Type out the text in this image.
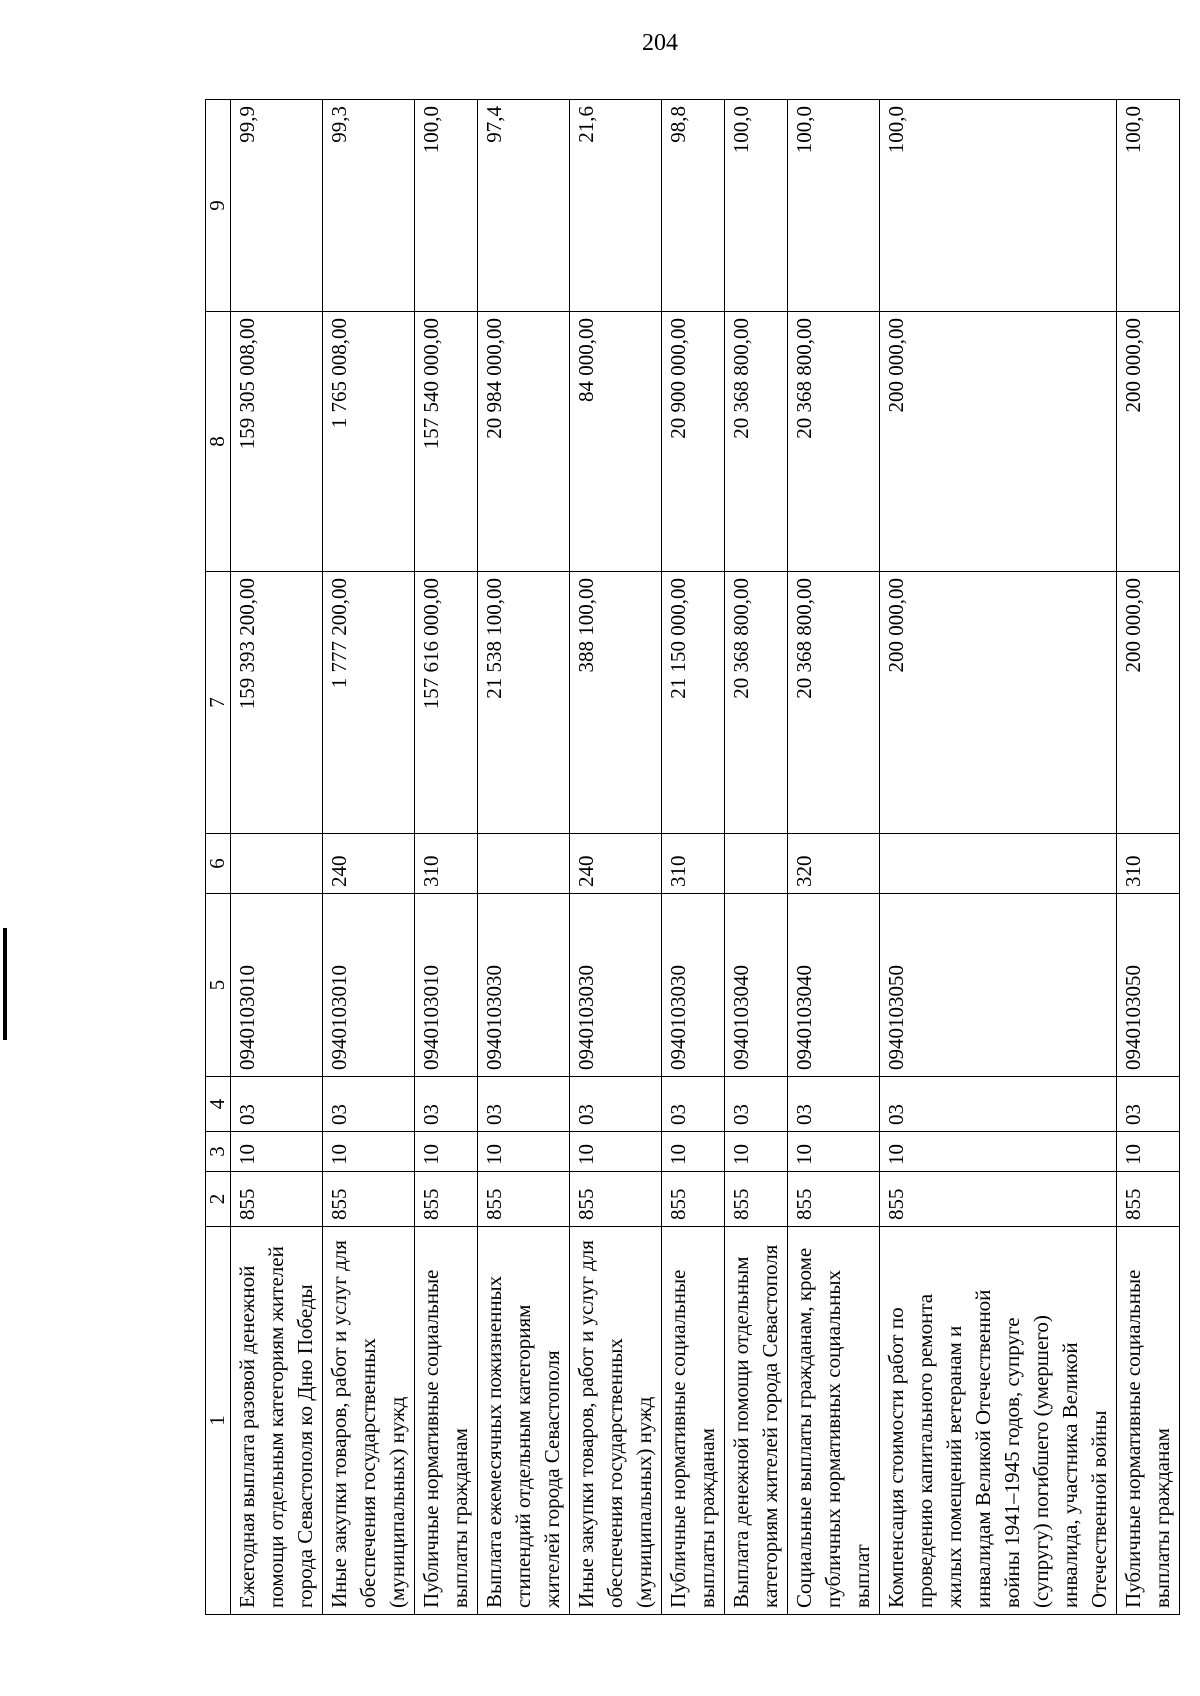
204
1	2	3	4	5	6	7	8	9
Ежегодная выплата разовой денежной помощи отдельным категориям жителей города Севастополя ко Дню Победы	855	10	03	0940103010		159 393 200,00	159 305 008,00	99,9
Иные закупки товаров, работ и услуг для обеспечения государственных (муниципальных) нужд	855	10	03	0940103010	240	1 777 200,00	1 765 008,00	99,3
Публичные нормативные социальные выплаты гражданам	855	10	03	0940103010	310	157 616 000,00	157 540 000,00	100,0
Выплата ежемесячных пожизненных стипендий отдельным категориям жителей города Севастополя	855	10	03	0940103030		21 538 100,00	20 984 000,00	97,4
Иные закупки товаров, работ и услуг для обеспечения государственных (муниципальных) нужд	855	10	03	0940103030	240	388 100,00	84 000,00	21,6
Публичные нормативные социальные выплаты гражданам	855	10	03	0940103030	310	21 150 000,00	20 900 000,00	98,8
Выплата денежной помощи отдельным категориям жителей города Севастополя	855	10	03	0940103040		20 368 800,00	20 368 800,00	100,0
Социальные выплаты гражданам, кроме публичных нормативных социальных выплат	855	10	03	0940103040	320	20 368 800,00	20 368 800,00	100,0
Компенсация стоимости работ по проведению капитального ремонта жилых помещений ветеранам и инвалидам Великой Отечественной войны 1941–1945 годов, супруге (супругу) погибшего (умершего) инвалида, участника Великой Отечественной войны	855	10	03	0940103050		200 000,00	200 000,00	100,0
Публичные нормативные социальные выплаты гражданам	855	10	03	0940103050	310	200 000,00	200 000,00	100,0
